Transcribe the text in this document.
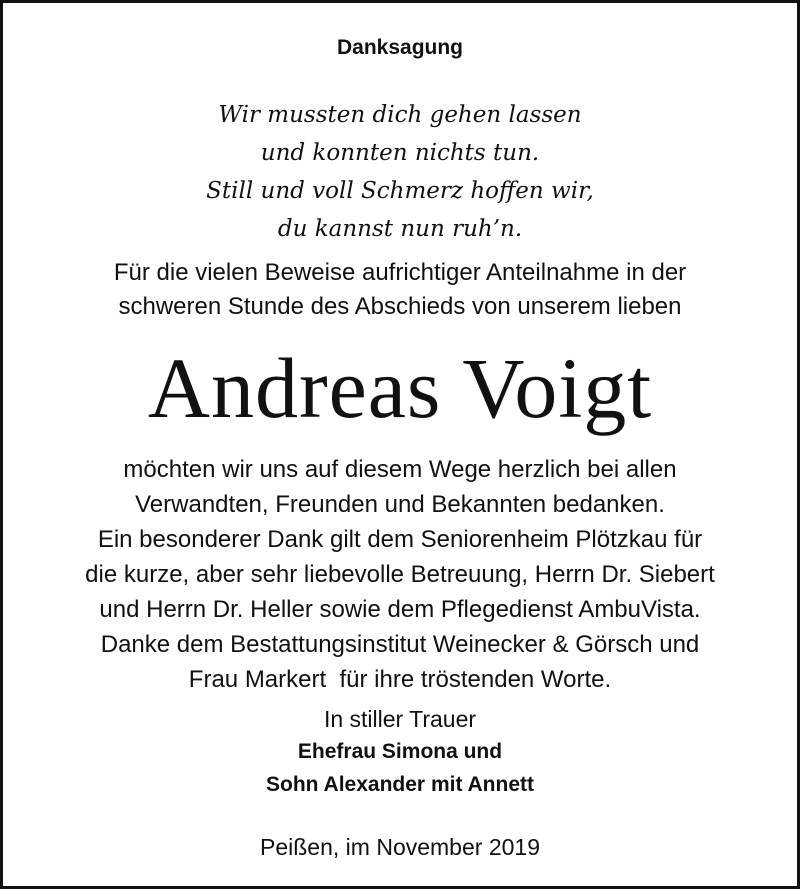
Danksagung
Wir mussten dich gehen lassen
und konnten nichts tun.
Still und voll Schmerz hoffen wir,
du kannst nun ruh’n.
Für die vielen Beweise aufrichtiger Anteilnahme in der
schweren Stunde des Abschieds von unserem lieben
Andreas Voigt
möchten wir uns auf diesem Wege herzlich bei allen
Verwandten, Freunden und Bekannten bedanken.
Ein besonderer Dank gilt dem Seniorenheim Plötzkau für
die kurze, aber sehr liebevolle Betreuung, Herrn Dr. Siebert
und Herrn Dr. Heller sowie dem Pflegedienst AmbuVista.
Danke dem Bestattungsinstitut Weinecker & Görsch und
Frau Markert  für ihre tröstenden Worte.
In stiller Trauer
Ehefrau Simona und
Sohn Alexander mit Annett
Peißen, im November 2019
